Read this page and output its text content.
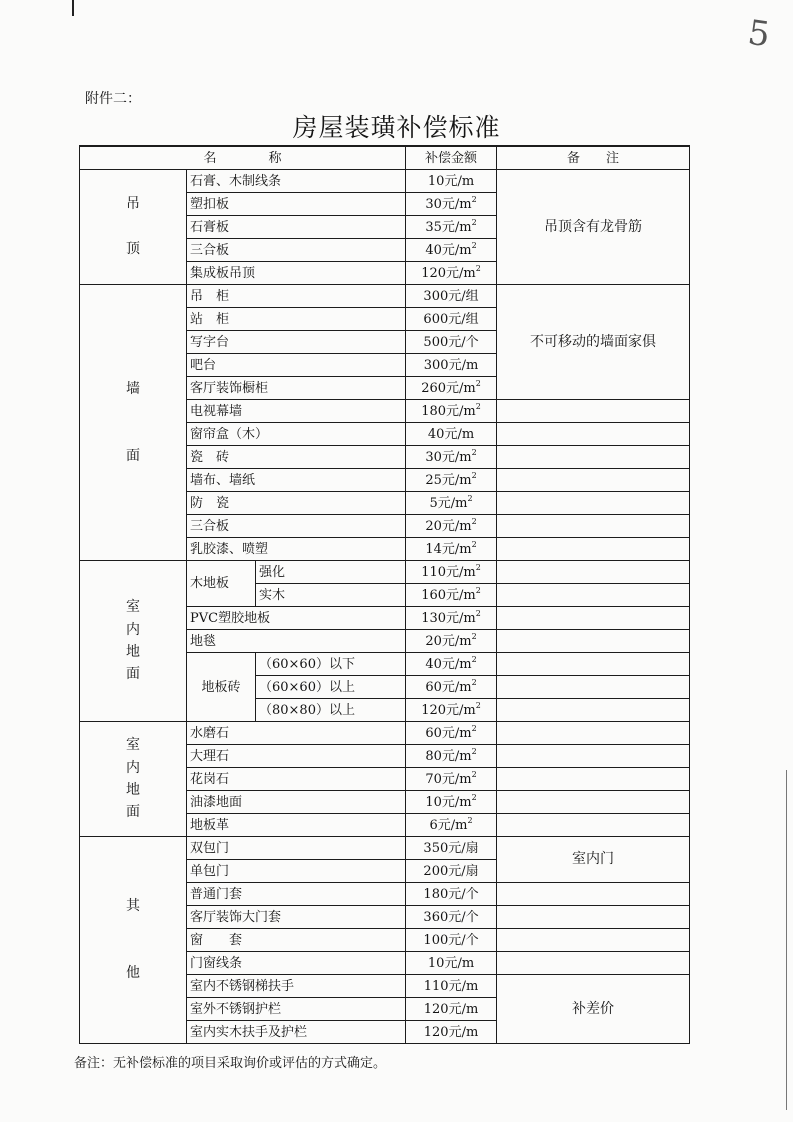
5
附件二：
房屋装璜补偿标准
名　　　　称			补偿金额	备　　注
吊

顶	石膏、木制线条		10元/m	吊顶含有龙骨筋
	塑扣板		30元$/m^2$
	石膏板		35元$/m^2$
	三合板		40元$/m^2$
	集成板吊顶		120元$/m^2$
墙

面	吊　柜		300元/组	不可移动的墙面家俱
	站　柜		600元/组	
	写字台		500元/个	
	吧台		300元/m	
	客厅装饰橱柜		260元$/m^2$
	电视幕墙		180元$/m^2$	
	窗帘盒（木）		40元/m	
	瓷　砖		30元$/m^2$	
	墙布、墙纸		25元$/m^2$	
	防　瓷		5元$/m^2$	
	三合板		20元$/m^2$	
	乳胶漆、喷塑		14元$/m^2$	
室
内
地
面	木地板	强化	110元$/m^2$	
		实木	160元$/m^2$	
	PVC塑胶地板		130元$/m^2$	
	地毯		20元$/m^2$	
	地板砖	（60×60）以下	40元$/m^2$	
		（60×60）以上	60元$/m^2$	
		（80×80）以上	120元$/m^2$	
室
内
地
面	水磨石		60元$/m^2$	
	大理石		80元$/m^2$	
	花岗石		70元$/m^2$	
	油漆地面		10元$/m^2$	
	地板革		6元$/m^2$	
其

他	双包门		350元/扇	室内门
	单包门		200元/扇	
	普通门套		180元/个	
	客厅装饰大门套		360元/个	
	窗　　套		100元/个	
	门窗线条		10元/m	
	室内不锈钢梯扶手		110元/m	补差价
	室外不锈钢护栏		120元/m	
	室内实木扶手及护栏		120元/m	
备注：无补偿标准的项目采取询价或评估的方式确定。
